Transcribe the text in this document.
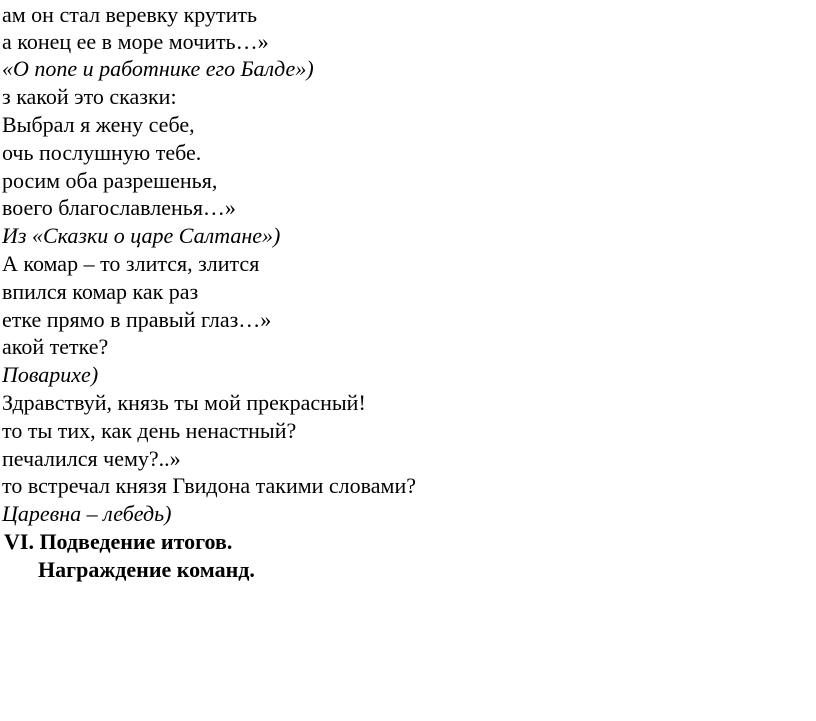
ам он стал веревку крутить

а конец ее в море мочить…»

«О попе и работнике его Балде»)

з какой это сказки:

Выбрал я жену себе,

очь послушную тебе.

росим оба разрешенья,

воего благославленья…»

Из «Сказки о царе Салтане»)

А комар – то злится, злится

впился комар как раз

етке прямо в правый глаз…»

акой тетке?

Поварихе)

Здравствуй, князь ты мой прекрасный!

то ты тих, как день ненастный?

печалился чему?..»

то встречал князя Гвидона такими словами?

Царевна – лебедь)

VI. Подведение итогов.

Награждение команд.
